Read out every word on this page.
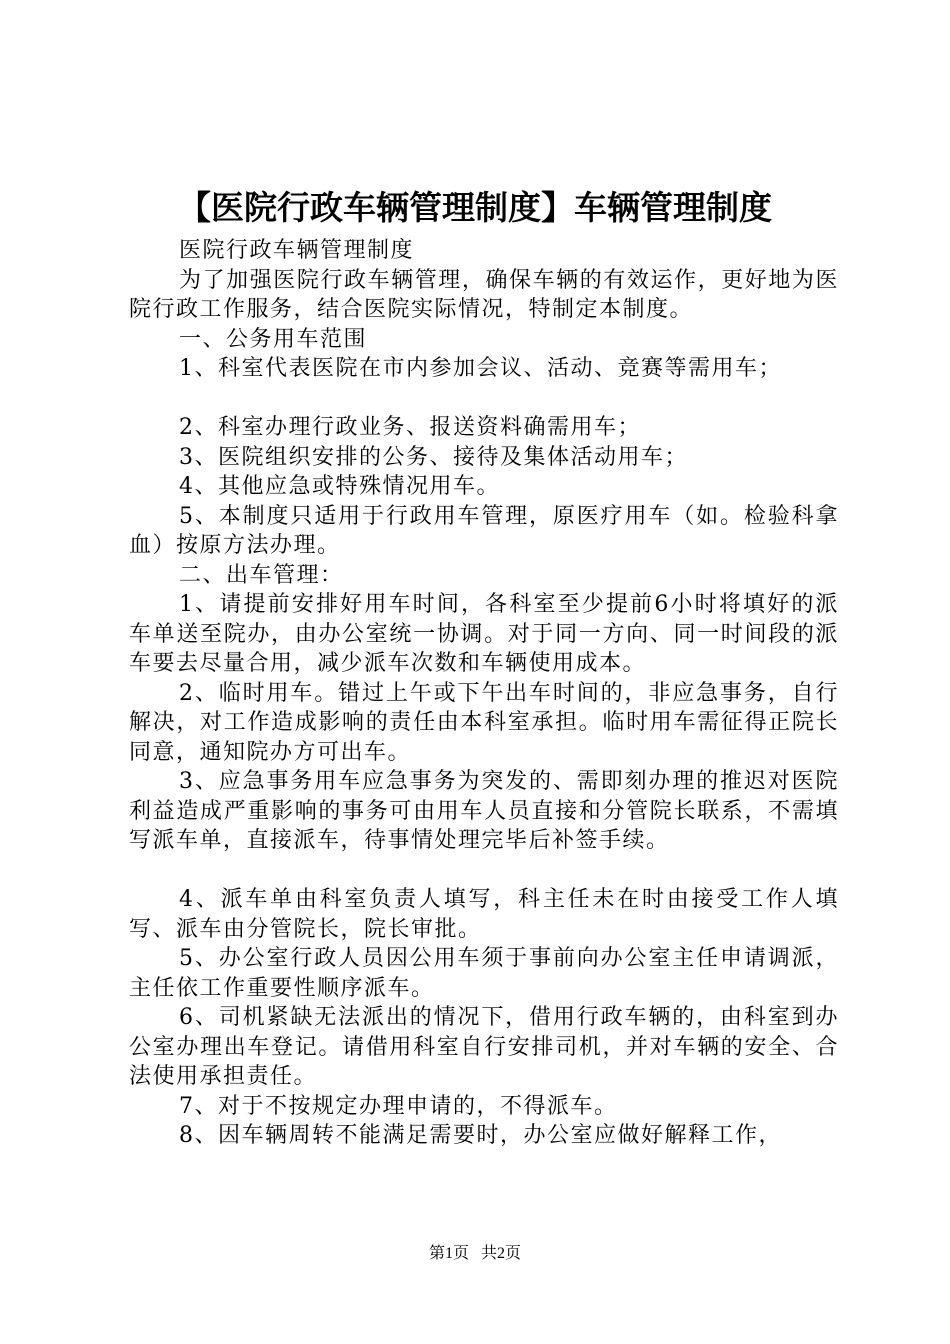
【医院行政车辆管理制度】车辆管理制度

医院行政车辆管理制度

为了加强医院行政车辆管理，确保车辆的有效运作，更好地为医院行政工作服务，结合医院实际情况，特制定本制度。

一、公务用车范围

1、科室代表医院在市内参加会议、活动、竞赛等需用车；

2、科室办理行政业务、报送资料确需用车；

3、医院组织安排的公务、接待及集体活动用车；

4、其他应急或特殊情况用车。

5、本制度只适用于行政用车管理，原医疗用车（如。检验科拿血）按原方法办理。

二、出车管理：

1、请提前安排好用车时间，各科室至少提前6小时将填好的派车单送至院办，由办公室统一协调。对于同一方向、同一时间段的派车要去尽量合用，减少派车次数和车辆使用成本。

2、临时用车。错过上午或下午出车时间的，非应急事务，自行解决，对工作造成影响的责任由本科室承担。临时用车需征得正院长同意，通知院办方可出车。

3、应急事务用车应急事务为突发的、需即刻办理的推迟对医院利益造成严重影响的事务可由用车人员直接和分管院长联系，不需填写派车单，直接派车，待事情处理完毕后补签手续。

4、派车单由科室负责人填写，科主任未在时由接受工作人填写、派车由分管院长，院长审批。

5、办公室行政人员因公用车须于事前向办公室主任申请调派，主任依工作重要性顺序派车。

6、司机紧缺无法派出的情况下，借用行政车辆的，由科室到办公室办理出车登记。请借用科室自行安排司机，并对车辆的安全、合法使用承担责任。

7、对于不按规定办理申请的，不得派车。

8、因车辆周转不能满足需要时，办公室应做好解释工作，

第1页 共2页
